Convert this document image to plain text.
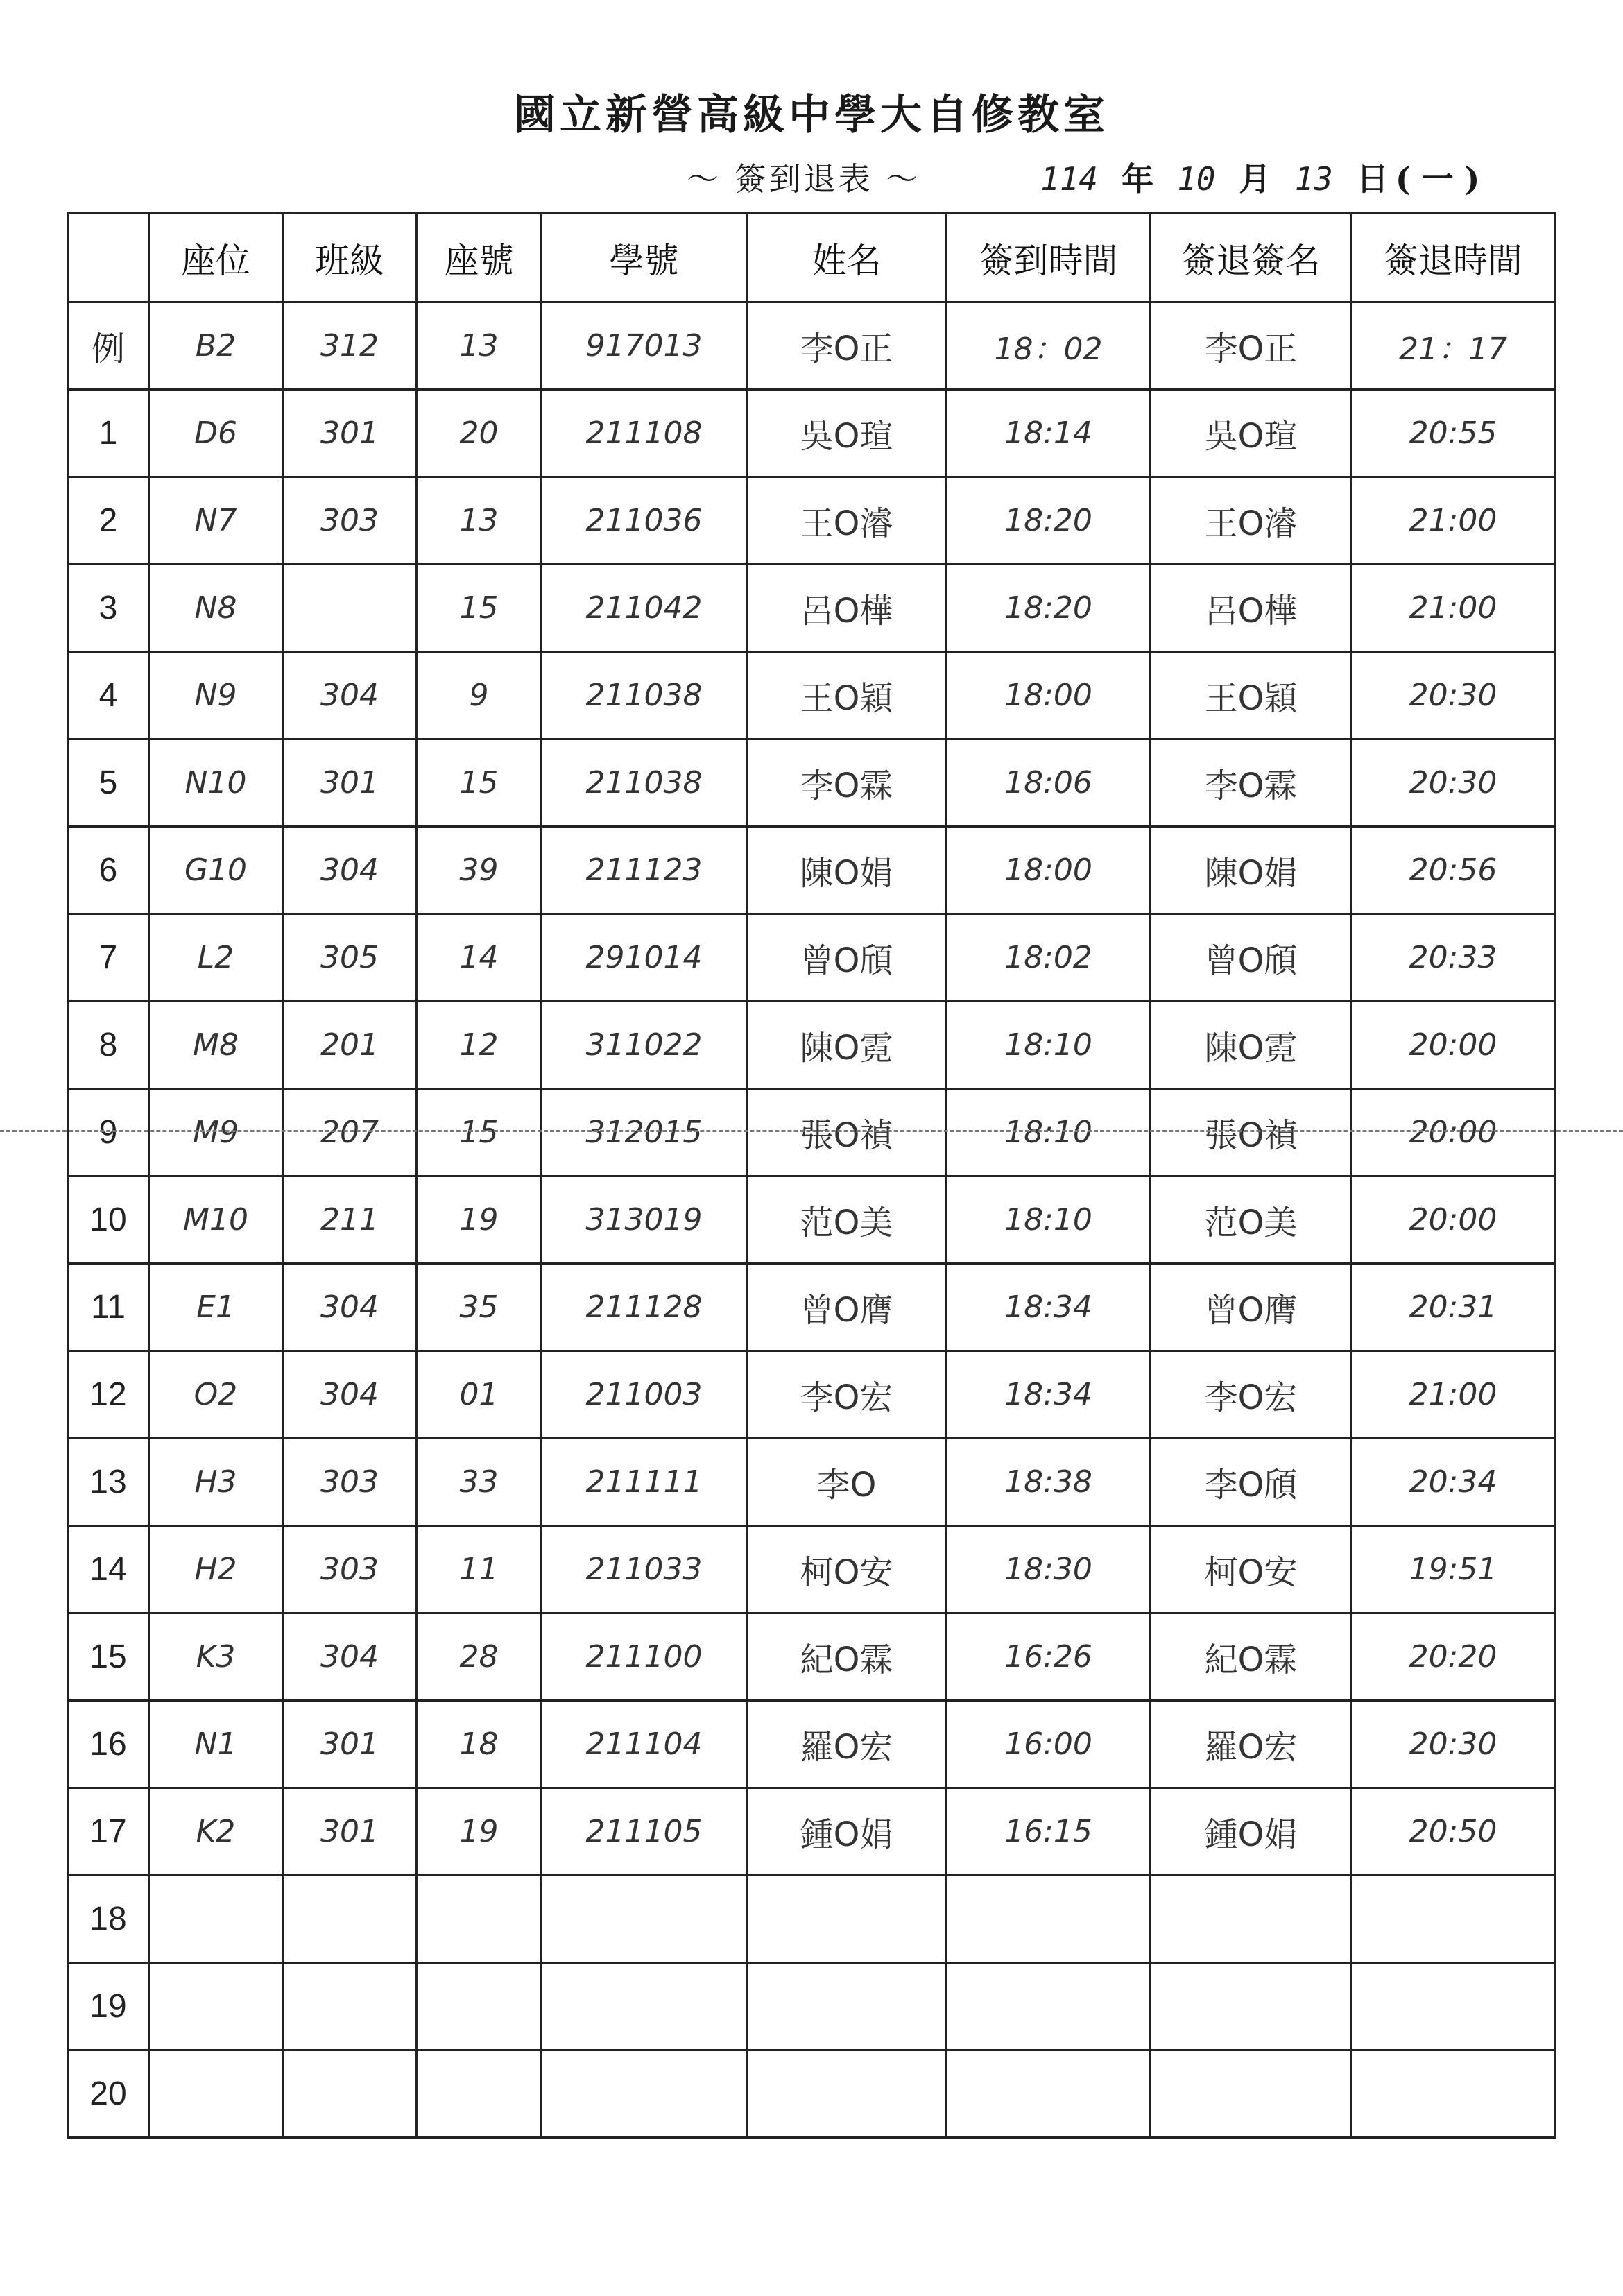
國立新營高級中學大自修教室
～ 簽到退表 ～	114 年 10 月 13 日 ( 一 )
	座位	班級	座號	學號	姓名	簽到時間	簽退簽名	簽退時間
例	B2	312	13	917013	李O正	18：02	李O正	21：17
1	D6	301	20	211108	吳O瑄	18:14	吳O瑄	20:55
2	N7	303	13	211036	王O濬	18:20	王O濬	21:00
3	N8		15	211042	呂O樺	18:20	呂O樺	21:00
4	N9	304	9	211038	王O穎	18:00	王O穎	20:30
5	N10	301	15	211038	李O霖	18:06	李O霖	20:30
6	G10	304	39	211123	陳O娟	18:00	陳O娟	20:56
7	L2	305	14	291014	曾O頎	18:02	曾O頎	20:33
8	M8	201	12	311022	陳O霓	18:10	陳O霓	20:00
9	M9	207	15	312015	張O禎	18:10	張O禎	20:00
10	M10	211	19	313019	范O美	18:10	范O美	20:00
11	E1	304	35	211128	曾O膺	18:34	曾O膺	20:31
12	O2	304	01	211003	李O宏	18:34	李O宏	21:00
13	H3	303	33	211111	李O	18:38	李O頎	20:34
14	H2	303	11	211033	柯O安	18:30	柯O安	19:51
15	K3	304	28	211100	紀O霖	16:26	紀O霖	20:20
16	N1	301	18	211104	羅O宏	16:00	羅O宏	20:30
17	K2	301	19	211105	鍾O娟	16:15	鍾O娟	20:50
18								
19								
20								
